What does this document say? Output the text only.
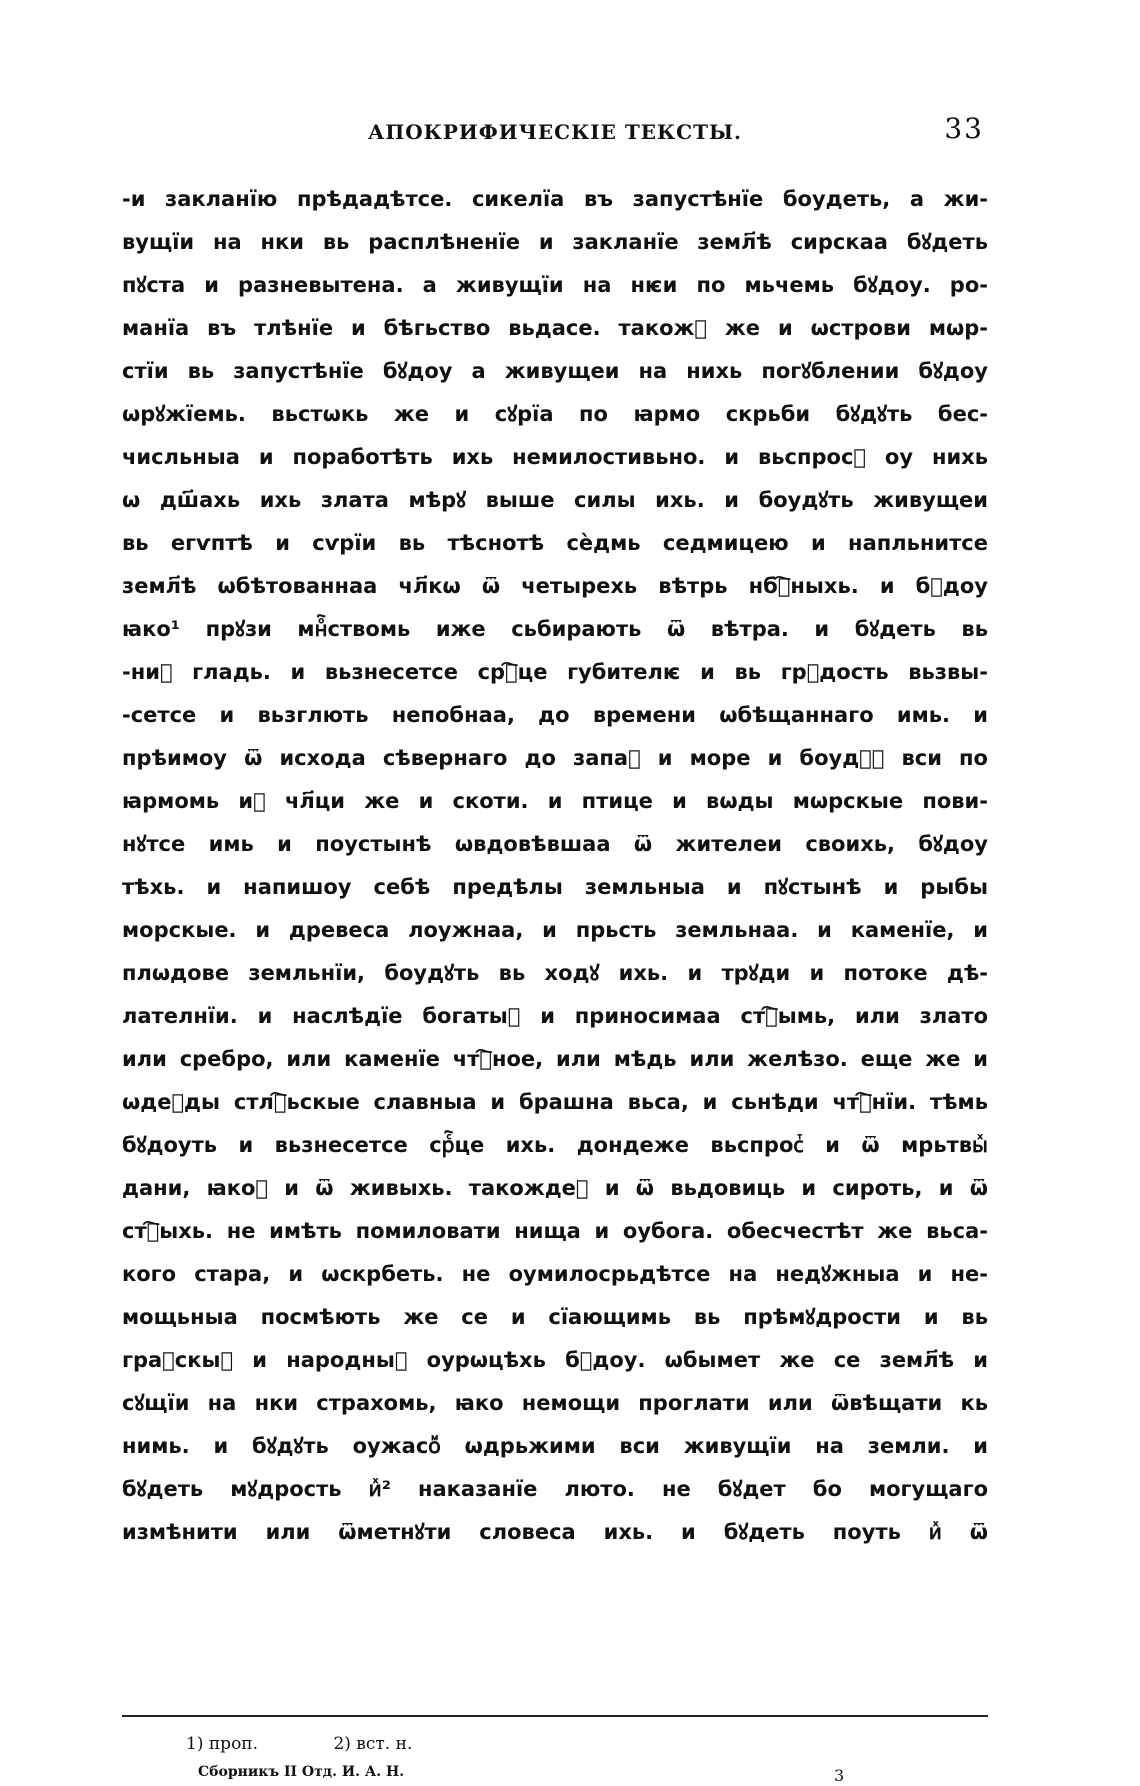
АПОКРИФИЧЕСКІЕ ТЕКСТЫ.	33
-и закланїю прѣдадѣтсе. сикелїа въ запустѣнїе боудеть, а жи-
вущїи на нки вь расплѣненїе и закланїе земл҃ѣ сирскаа бꙋдеть
пꙋста и разневытена. а живущїи на нѥи по мьчемь бꙋдоу. ро-
манїа въ тлѣнїе и бѣгьство вьдасе. такожⷤ же и ѡстрови мѡр-
стїи вь запустѣнїе бꙋдоу а живущеи на нихь погꙋблении бꙋдоу
ѡрꙋжїемь. вьстѡкь же и сꙋрїа по ꙗрмо скрьби бꙋдꙋть бес-
числьныа и поработѣть ихь немилостивьно. и вьспросⷮ оу нихь
ѡ дш҃ахь ихь злата мѣрꙋ выше силы ихь. и боудꙋть живущеи
вь егѵптѣ и сѵрїи вь тѣснотѣ сѐдмь седмицею и напльнитсе
земл҃ѣ ѡбѣтованнаа чл҃кѡ ѿ четырехь вѣтрь нбⷭ҇ныхь. и бꙋдоу
ꙗко¹ прꙋзи мнⷪ҇ствомь иже сьбирають ѿ вѣтра. и бꙋдеть вь
-ниⷯ гладь. и вьзнесетсе срⷭ҇це губителѥ и вь грꙋдость вьзвы-
-сетсе и вьзглють непобнаа, до времени ѡбѣщаннаго имь. и
прѣимоу ѿ исхода сѣвернаго до запаⷣ и море и боудꙋⷮ вси по
ꙗрмомь иⷯ чл҃ци же и скоти. и птице и вѡды мѡрскые пови-
нꙋтсе имь и поустынѣ ѡвдовѣвшаа ѿ жителеи своихь, бꙋдоу
тѣхь. и напишоу себѣ предѣлы земльныа и пꙋстынѣ и рыбы
морскые. и древеса лоужнаа, и прьсть земльнаа. и каменїе, и
плѡдове земльнїи, боудꙋть вь ходꙋ ихь. и трꙋди и потоке дѣ-
лателнїи. и наслѣдїе богатыⷯ и приносимаа стⷭ҇ымь, или злато
или сребро, или каменїе чтⷭ҇ное, или мѣдь или желѣзо. еще же и
ѡдеⷤды стлⷭ҇ьскые славныа и брашна вьса, и сьнѣди чтⷭ҇нїи. тѣмь
бꙋдоуть и вьзнесетсе срⷭ҇це ихь. дондеже вьспросⷮ и ѿ мрьтвыⷯ
дани, ꙗкоⷤ и ѿ живыхь. такождеⷤ и ѿ вьдовиць и сироть, и ѿ
стⷭ҇ыхь. не имѣть помиловати нища и оубога. обесчестѣт же вьса-
кого стара, и ѡскрбеть. не оумилосрьдѣтсе на недꙋжныа и не-
мощьныа посмѣють же се и сїающимь вь прѣмꙋдрости и вь
граⷣскыⷯ и народныⷯ оурѡцѣхь бꙋдоу. ѡбымет же се земл҃ѣ и
сꙋщїи на нки страхомь, ꙗко немощи проглати или ѿвѣщати кь
нимь. и бꙋдꙋть оужасоⷨ ѡдрьжими вси живущїи на земли. и
бꙋдеть мꙋдрость иⷯ² наказанїе люто. не бꙋдет бо могущаго
измѣнити или ѿметнꙋти словеса ихь. и бꙋдеть поуть иⷯ ѿ
1) проп.	2) вст. н.
Сборникъ II Отд. И. А. Н.	3
